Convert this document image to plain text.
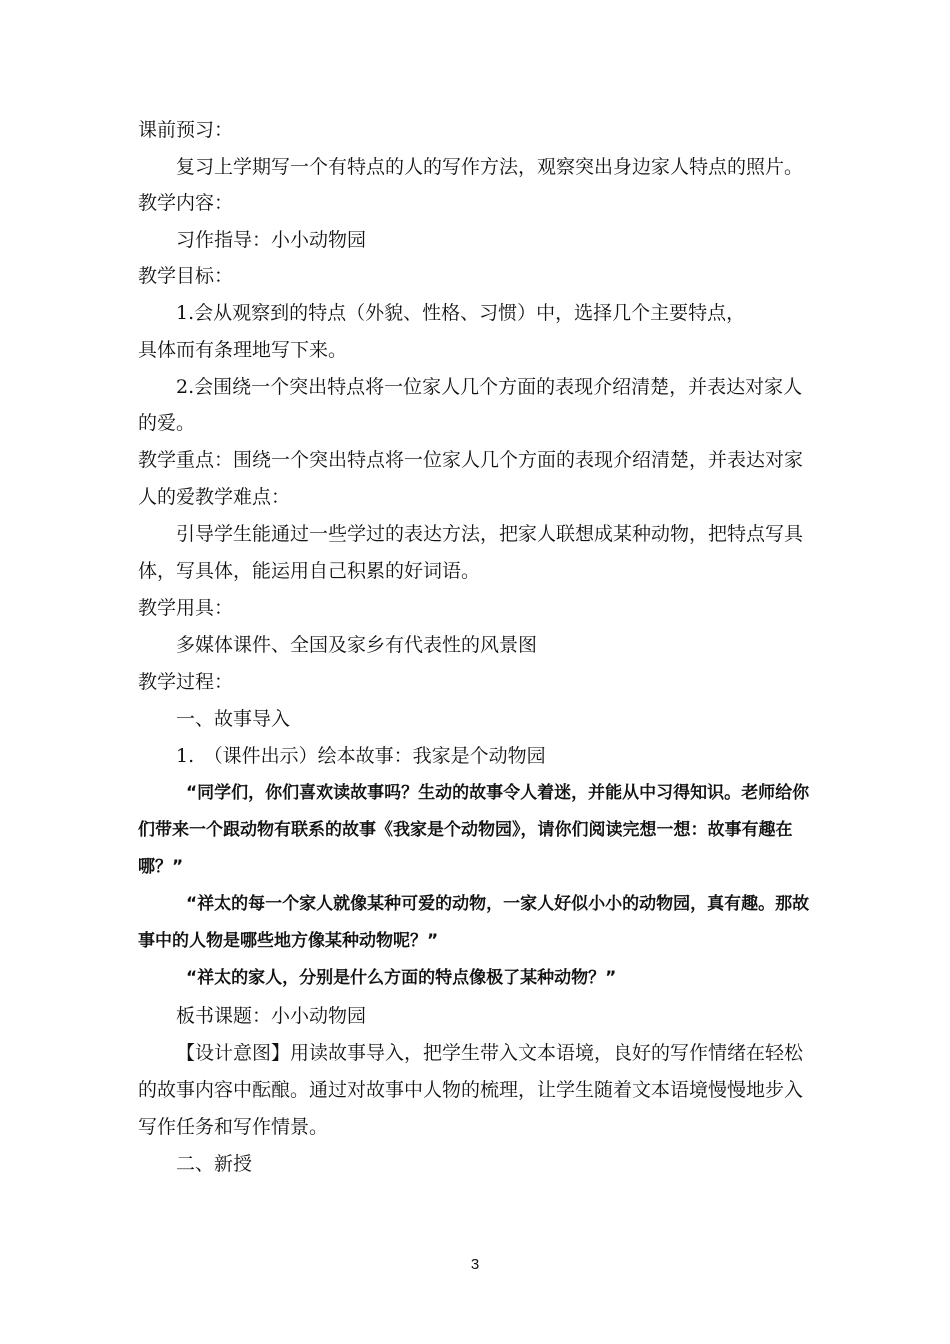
课前预习：
复习上学期写一个有特点的人的写作方法，观察突出身边家人特点的照片。
教学内容：
习作指导：小小动物园
教学目标：
1.会从观察到的特点（外貌、性格、习惯）中，选择几个主要特点，
具体而有条理地写下来。
2.会围绕一个突出特点将一位家人几个方面的表现介绍清楚，并表达对家人
的爱。
教学重点：围绕一个突出特点将一位家人几个方面的表现介绍清楚，并表达对家
人的爱教学难点：
引导学生能通过一些学过的表达方法，把家人联想成某种动物，把特点写具
体，写具体，能运用自己积累的好词语。
教学用具：
多媒体课件、全国及家乡有代表性的风景图
教学过程：
一、故事导入
1.　（课件出示）绘本故事：我家是个动物园
“同学们，你们喜欢读故事吗？生动的故事令人着迷，并能从中习得知识。老师给你
们带来一个跟动物有联系的故事《我家是个动物园》，请你们阅读完想一想：故事有趣在
哪？”
“祥太的每一个家人就像某种可爱的动物，一家人好似小小的动物园，真有趣。那故
事中的人物是哪些地方像某种动物呢？”
“祥太的家人，分别是什么方面的特点像极了某种动物？”
板书课题：小小动物园
【设计意图】用读故事导入，把学生带入文本语境，良好的写作情绪在轻松
的故事内容中酝酿。通过对故事中人物的梳理，让学生随着文本语境慢慢地步入
写作任务和写作情景。
二、新授
3
